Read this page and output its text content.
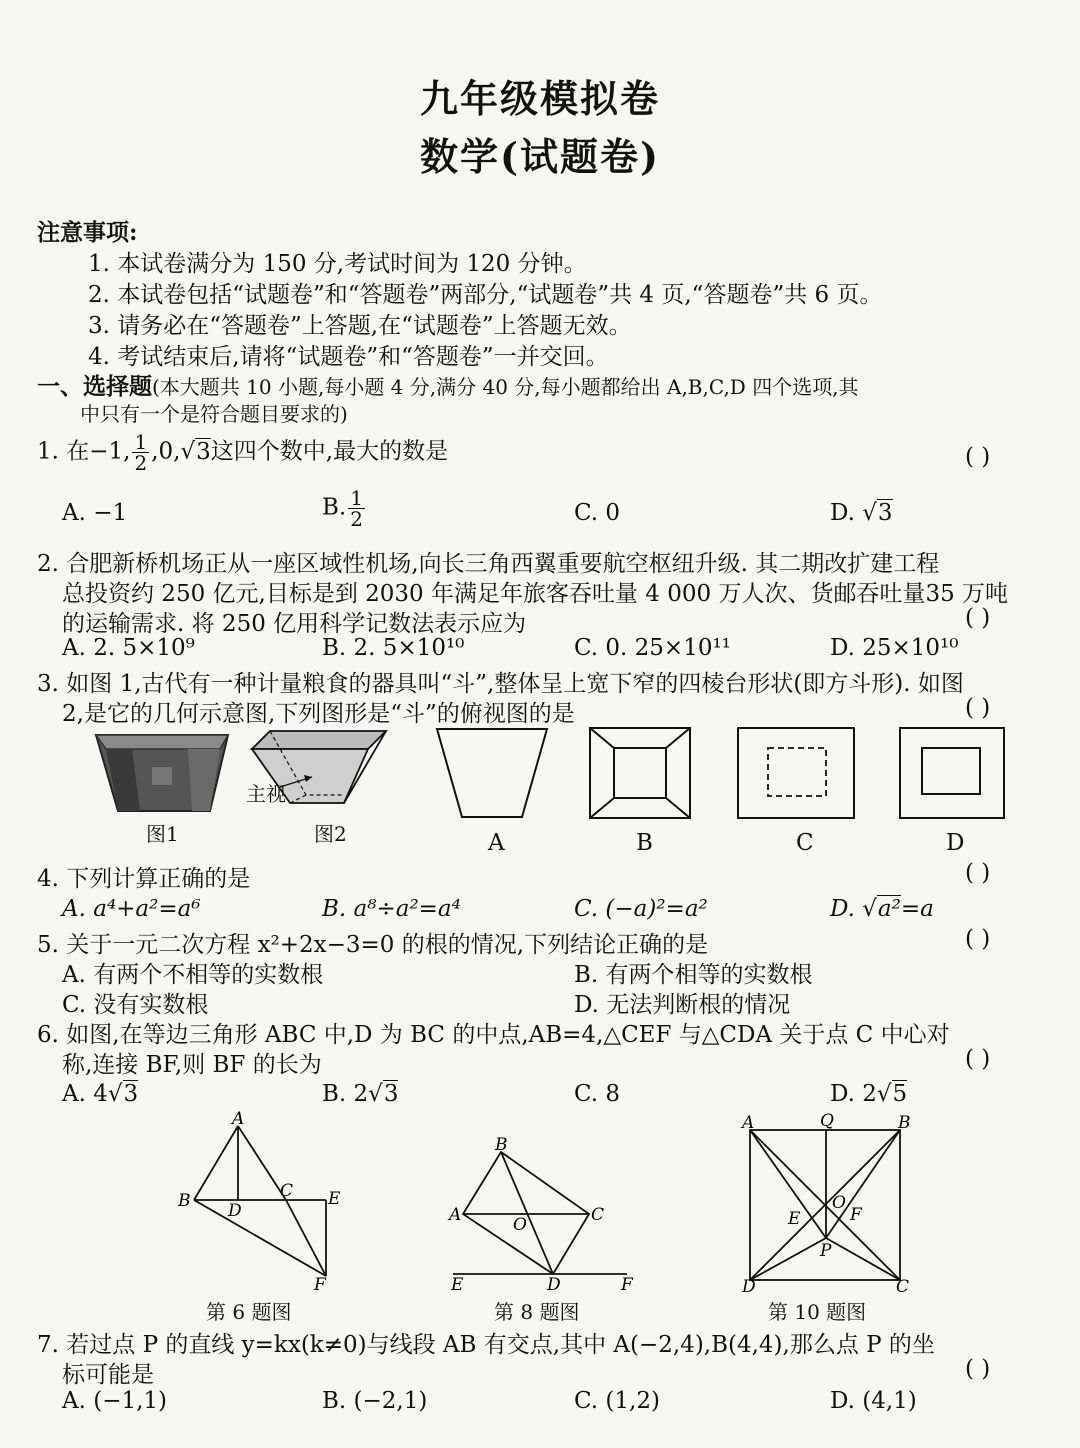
九年级模拟卷
数学(试题卷)
注意事项:
1. 本试卷满分为 150 分,考试时间为 120 分钟。
2. 本试卷包括“试题卷”和“答题卷”两部分,“试题卷”共 4 页,“答题卷”共 6 页。
3. 请务必在“答题卷”上答题,在“试题卷”上答题无效。
4. 考试结束后,请将“试题卷”和“答题卷”一并交回。
一、选择题(本大题共 10 小题,每小题 4 分,满分 40 分,每小题都给出 A,B,C,D 四个选项,其
中只有一个是符合题目要求的)
1. 在−1, $\frac{1}{2} ,0,√3$这四个数中,最大的数是	( )
A. −1	B. $\frac{1}{2}$	C. 0	D. √3
2. 合肥新桥机场正从一座区域性机场,向长三角西翼重要航空枢纽升级. 其二期改扩建工程
总投资约 250 亿元,目标是到 2030 年满足年旅客吞吐量 4 000 万人次、货邮吞吐量35 万吨
的运输需求. 将 250 亿用科学记数法表示应为	( )
A. 2. 5×10⁹	B. 2. 5×10¹⁰	C. 0. 25×10¹¹	D. 25×10¹⁰
3. 如图 1,古代有一种计量粮食的器具叫“斗”,整体呈上宽下窄的四棱台形状(即方斗形). 如图
2,是它的几何示意图,下列图形是“斗”的俯视图的是	( )
图1
主视
图2	A	B	C	D
4. 下列计算正确的是	( )
A. a⁴+a²=a⁶	B. a⁸÷a²=a⁴	C. (−a)²=a²	D. √a²=a
5. 关于一元二次方程 x²+2x−3=0 的根的情况,下列结论正确的是	( )
A. 有两个不相等的实数根	B. 有两个相等的实数根
C. 没有实数根	D. 无法判断根的情况
6. 如图,在等边三角形 ABC 中,D 为 BC 的中点,AB=4,△CEF 与△CDA 关于点 C 中心对
称,连接 BF,则 BF 的长为	( )
A. 4√3	B. 2√3	C. 8	D. 2√5
A
B	C
D
E
F
第 6 题图
B
A	C
O
E	D	F
第 8 题图
A	Q	B
O
E	F
P
D	C
第 10 题图
7. 若过点 P 的直线 y=kx(k≠0)与线段 AB 有交点,其中 A(−2,4),B(4,4),那么点 P 的坐
标可能是	( )
A. (−1,1)	B. (−2,1)	C. (1,2)	D. (4,1)
